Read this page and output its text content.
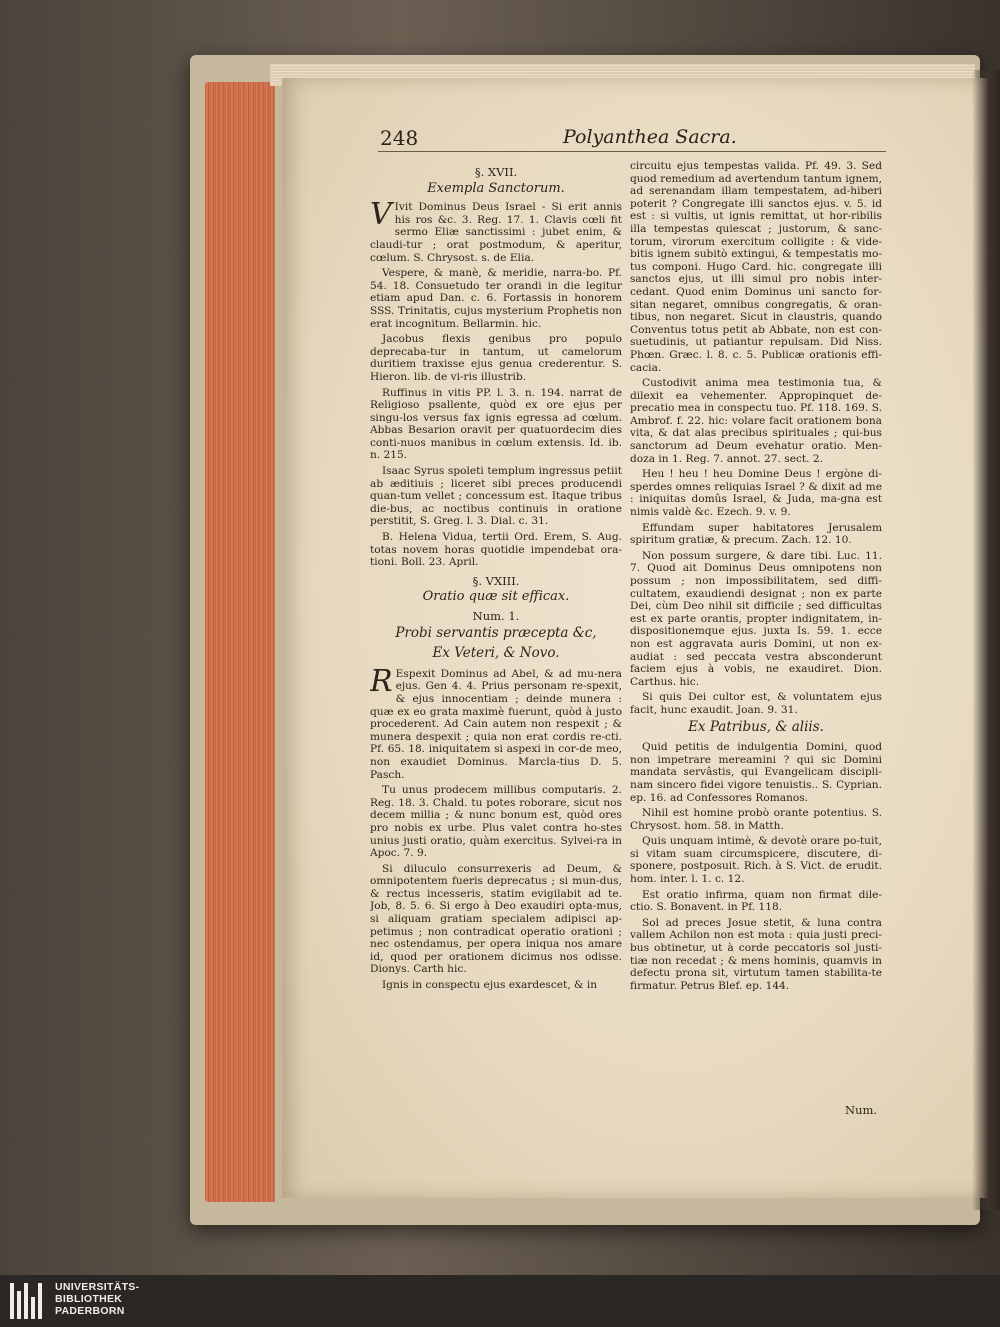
248	Polyanthea Sacra.
§. XVII.
Exempla Sanctorum.
V Ivit Dominus Deus Israel - Si erit annis his ros &c. 3. Reg. 17. 1. Clavis cœli fit sermo Eliæ sanctissimi : jubet enim, & claudi-tur ; orat postmodum, & aperitur, cœlum. S. Chrysost. s. de Elia.
Vespere, & manè, & meridie, narra-bo. Pf. 54. 18. Consuetudo ter orandi in die legitur etiam apud Dan. c. 6. Fortassis in honorem SSS. Trinitatis, cujus mysterium Prophetis non erat incognitum. Bellarmin. hic.
Jacobus flexis genibus pro populo deprecaba-tur in tantum, ut camelorum duritiem traxisse ejus genua crederentur. S. Hieron. lib. de vi-ris illustrib.
Ruffinus in vitis PP. l. 3. n. 194. narrat de Religioso psallente, quòd ex ore ejus per singu-los versus fax ignis egressa ad cœlum. Abbas Besarion oravit per quatuordecim dies conti-nuos manibus in cœlum extensis. Id. ib. n. 215.
Isaac Syrus spoleti templum ingressus petiit ab æditiuis ; liceret sibi preces producendi quan-tum vellet ; concessum est. Itaque tribus die-bus, ac noctibus continuis in oratione perstitit, S. Greg. l. 3. Dial. c. 31.
B. Helena Vidua, tertii Ord. Erem, S. Aug. totas novem horas quotidie impendebat ora-tioni. Boll. 23. April.
§. VXIII.
Oratio quæ sit efficax.
Num. 1.
Probi servantis præcepta &c,
Ex Veteri, & Novo.
R Espexit Dominus ad Abel, & ad mu-nera ejus. Gen 4. 4. Prius personam re-spexit, & ejus innocentiam ; deinde munera : quæ ex eo grata maximè fuerunt, quòd à justo procederent. Ad Cain autem non respexit ; & munera despexit ; quia non erat cordis re-cti. Pf. 65. 18. iniquitatem si aspexi in cor-de meo, non exaudiet Dominus. Marcla-tius D. 5. Pasch.
Tu unus prodecem millibus computaris. 2. Reg. 18. 3. Chald. tu potes roborare, sicut nos decem millia ; & nunc bonum est, quòd ores pro nobis ex urbe. Plus valet contra ho-stes unius justi oratio, quàm exercitus. Sylvei-ra in Apoc. 7. 9.
Si diluculo consurrexeris ad Deum, & omnipotentem fueris deprecatus ; si mun-dus, & rectus incesseris, statim evigilabit ad te. Job, 8. 5. 6. Si ergo à Deo exaudiri opta-mus, si aliquam gratiam specialem adipisci ap-petimus ; non contradicat operatio orationi ; nec ostendamus, per opera iniqua nos amare id, quod per orationem dicimus nos odisse. Dionys. Carth hic.
Ignis in conspectu ejus exardescet, & in
circuitu ejus tempestas valida. Pf. 49. 3. Sed quod remedium ad avertendum tantum ignem, ad serenandam illam tempestatem, ad-hiberi poterit ? Congregate illi sanctos ejus. v. 5. id est : si vultis, ut ignis remittat, ut hor-ribilis illa tempestas quiescat ; justorum, & sanc-torum, virorum exercitum colligite : & vide-bitis ignem subitò extingui, & tempestatis mo-tus componi. Hugo Card. hic. congregate illi sanctos ejus, ut illi simul pro nobis inter-cedant. Quod enim Dominus uni sancto for-sitan negaret, omnibus congregatis, & oran-tibus, non negaret. Sicut in claustris, quando Conventus totus petit ab Abbate, non est con-suetudinis, ut patiantur repulsam. Did Niss. Phœn. Græc. l. 8. c. 5. Publicæ orationis effi-cacia.
Custodivit anima mea testimonia tua, & dilexit ea vehementer. Appropinquet de-precatio mea in conspectu tuo. Pf. 118. 169. S. Ambrof. f. 22. hic: volare facit orationem bona vita, & dat alas precibus spirituales ; qui-bus sanctorum ad Deum evehatur oratio. Men-doza in 1. Reg. 7. annot. 27. sect. 2.
Heu ! heu ! heu Domine Deus ! ergòne di-sperdes omnes reliquias Israel ? & dixit ad me : iniquitas domûs Israel, & Juda, ma-gna est nimis valdè &c. Ezech. 9. v. 9.
Effundam super habitatores Jerusalem spiritum gratiæ, & precum. Zach. 12. 10.
Non possum surgere, & dare tibi. Luc. 11. 7. Quod ait Dominus Deus omnipotens non possum ; non impossibilitatem, sed diffi-cultatem, exaudiendi designat ; non ex parte Dei, cùm Deo nihil sit difficile ; sed difficultas est ex parte orantis, propter indignitatem, in-dispositionemque ejus. juxta Is. 59. 1. ecce non est aggravata auris Domini, ut non ex-audiat : sed peccata vestra absconderunt faciem ejus à vobis, ne exaudiret. Dion. Carthus. hic.
Si quis Dei cultor est, & voluntatem ejus facit, hunc exaudit. Joan. 9. 31.
Ex Patribus, & aliis.
Quid petitis de indulgentia Domini, quod non impetrare mereamini ? qui sic Domini mandata servâstis, qui Evangelicam discipli-nam sincero fidei vigore tenuistis.. S. Cyprian. ep. 16. ad Confessores Romanos.
Nihil est homine probò orante potentius. S. Chrysost. hom. 58. in Matth.
Quis unquam intimè, & devotè orare po-tuit, si vitam suam circumspicere, discutere, di-sponere, postposuit. Rich. à S. Vict. de erudit. hom. inter. l. 1. c. 12.
Est oratio infirma, quam non firmat dile-ctio. S. Bonavent. in Pf. 118.
Sol ad preces Josue stetit, & luna contra vallem Achilon non est mota : quia justi preci-bus obtinetur, ut à corde peccatoris sol justi-tiæ non recedat ; & mens hominis, quamvis in defectu prona sit, virtutum tamen stabilita-te firmatur. Petrus Blef. ep. 144.
Num.
UNIVERSITÄTS-
BIBLIOTHEK
PADERBORN
